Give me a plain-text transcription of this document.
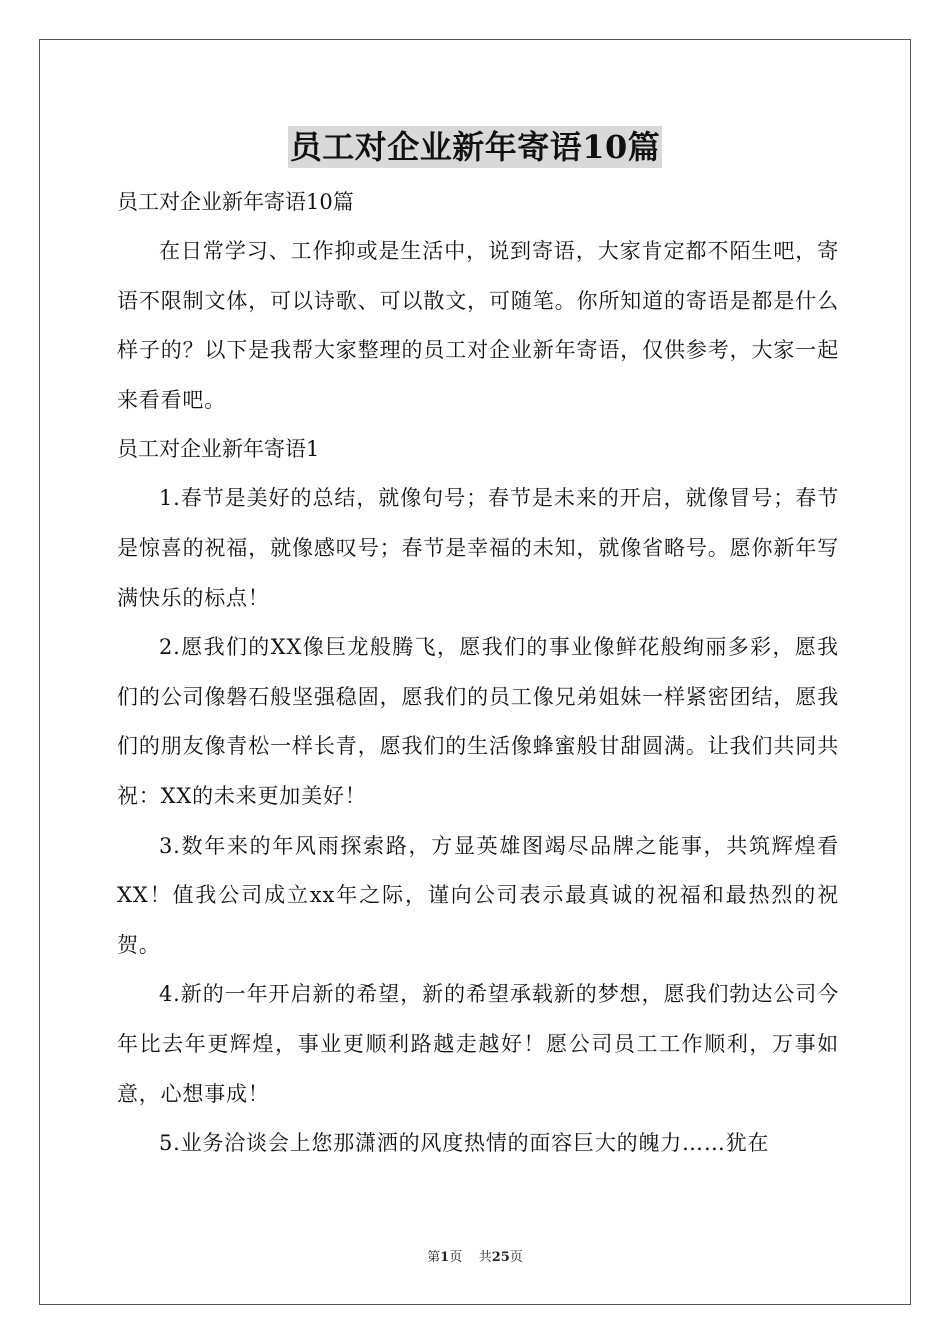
员工对企业新年寄语10篇

员工对企业新年寄语10篇

在日常学习、工作抑或是生活中，说到寄语，大家肯定都不陌生吧，寄语不限制文体，可以诗歌、可以散文，可随笔。你所知道的寄语是都是什么样子的？以下是我帮大家整理的员工对企业新年寄语，仅供参考，大家一起来看看吧。

员工对企业新年寄语1

1.春节是美好的总结，就像句号；春节是未来的开启，就像冒号；春节是惊喜的祝福，就像感叹号；春节是幸福的未知，就像省略号。愿你新年写满快乐的标点！

2.愿我们的XX像巨龙般腾飞，愿我们的事业像鲜花般绚丽多彩，愿我们的公司像磐石般坚强稳固，愿我们的员工像兄弟姐妹一样紧密团结，愿我们的朋友像青松一样长青，愿我们的生活像蜂蜜般甘甜圆满。让我们共同共祝：XX的未来更加美好！

3.数年来的年风雨探索路，方显英雄图竭尽品牌之能事，共筑辉煌看XX！值我公司成立xx年之际，谨向公司表示最真诚的祝福和最热烈的祝贺。

4.新的一年开启新的希望，新的希望承载新的梦想，愿我们勃达公司今年比去年更辉煌，事业更顺利路越走越好！愿公司员工工作顺利，万事如意，心想事成！

5.业务洽谈会上您那潇洒的风度热情的面容巨大的魄力……犹在

第1页 共25页
